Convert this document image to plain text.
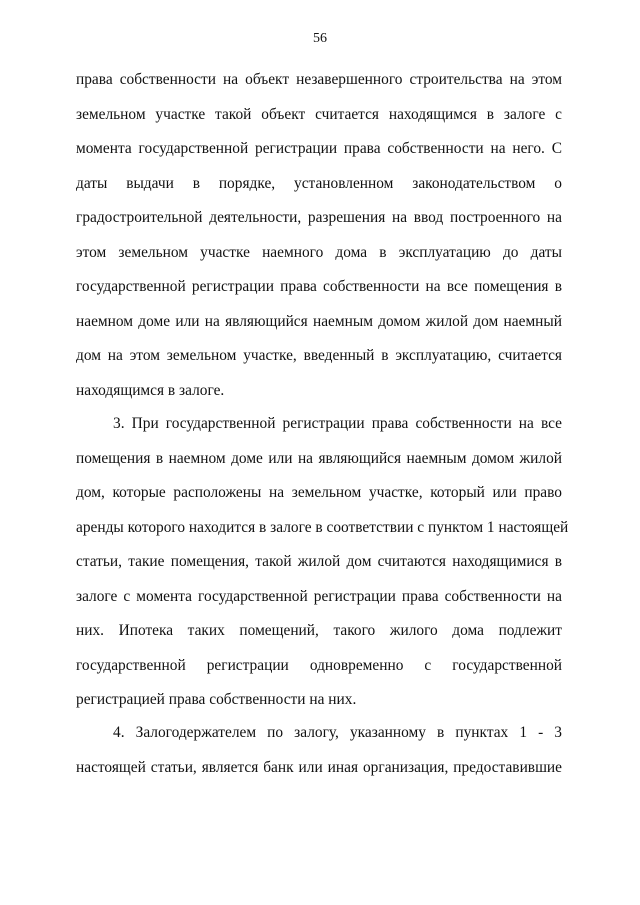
56
права собственности на объект незавершенного строительства на этом
земельном участке такой объект считается находящимся в залоге с
момента государственной регистрации права собственности на него. С
даты выдачи в порядке, установленном законодательством о
градостроительной деятельности, разрешения на ввод построенного на
этом земельном участке наемного дома в эксплуатацию до даты
государственной регистрации права собственности на все помещения в
наемном доме или на являющийся наемным домом жилой дом наемный
дом на этом земельном участке, введенный в эксплуатацию, считается
находящимся в залоге.
3. При государственной регистрации права собственности на все
помещения в наемном доме или на являющийся наемным домом жилой
дом, которые расположены на земельном участке, который или право
аренды которого находится в залоге в соответствии с пунктом 1 настоящей
статьи, такие помещения, такой жилой дом считаются находящимися в
залоге с момента государственной регистрации права собственности на
них. Ипотека таких помещений, такого жилого дома подлежит
государственной регистрации одновременно с государственной
регистрацией права собственности на них.
4. Залогодержателем по залогу, указанному в пунктах 1 - 3
настоящей статьи, является банк или иная организация, предоставившие
